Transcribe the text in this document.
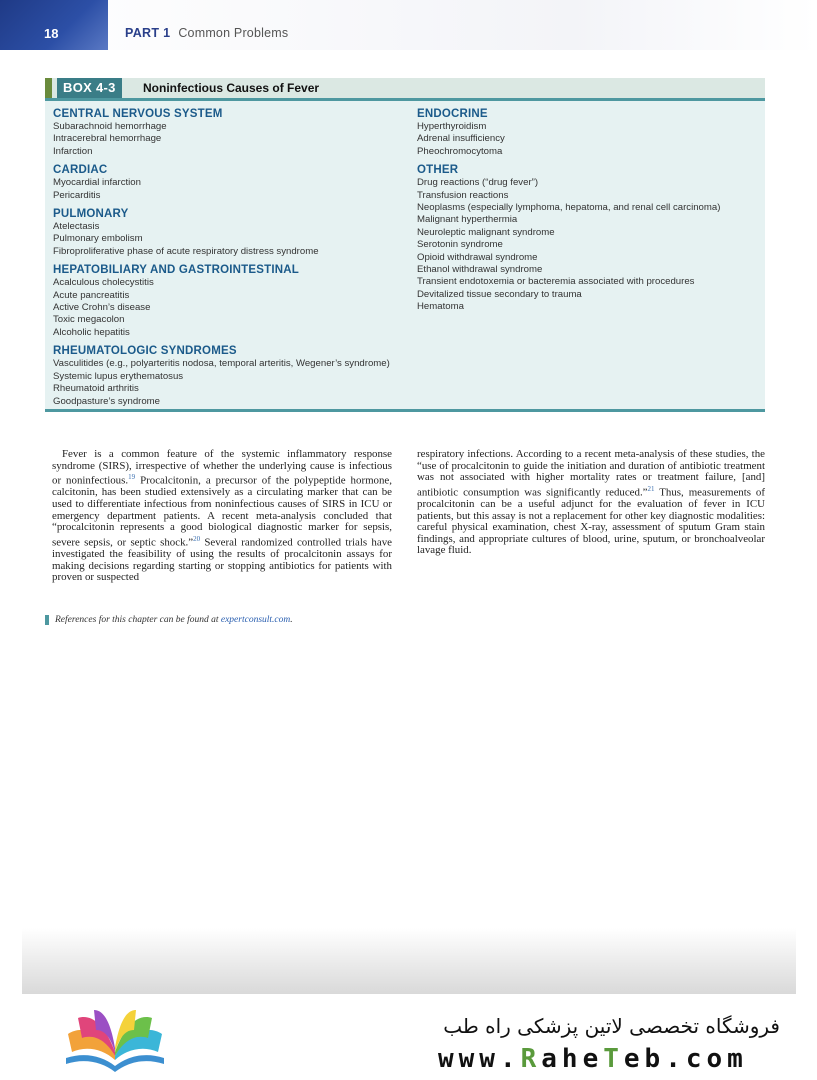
18	PART 1 Common Problems
BOX 4-3	Noninfectious Causes of Fever
CENTRAL NERVOUS SYSTEM
Subarachnoid hemorrhage
Intracerebral hemorrhage
Infarction
CARDIAC
Myocardial infarction
Pericarditis
PULMONARY
Atelectasis
Pulmonary embolism
Fibroproliferative phase of acute respiratory distress syndrome
HEPATOBILIARY AND GASTROINTESTINAL
Acalculous cholecystitis
Acute pancreatitis
Active Crohn’s disease
Toxic megacolon
Alcoholic hepatitis
RHEUMATOLOGIC SYNDROMES
Vasculitides (e.g., polyarteritis nodosa, temporal arteritis, Wegener’s syndrome)
Systemic lupus erythematosus
Rheumatoid arthritis
Goodpasture’s syndrome
ENDOCRINE
Hyperthyroidism
Adrenal insufficiency
Pheochromocytoma
OTHER
Drug reactions (“drug fever”)
Transfusion reactions
Neoplasms (especially lymphoma, hepatoma, and renal cell carcinoma)
Malignant hyperthermia
Neuroleptic malignant syndrome
Serotonin syndrome
Opioid withdrawal syndrome
Ethanol withdrawal syndrome
Transient endotoxemia or bacteremia associated with procedures
Devitalized tissue secondary to trauma
Hematoma
Fever is a common feature of the systemic inflammatory response syndrome (SIRS), irrespective of whether the underlying cause is infectious or noninfectious.$^{19}$ Procalcitonin, a precursor of the polypeptide hormone, calcitonin, has been studied extensively as a circulating marker that can be used to differentiate infectious from noninfectious causes of SIRS in ICU or emergency department patients. A recent meta-analysis concluded that “procalcitonin represents a good biological diagnostic marker for sepsis, severe sepsis, or septic shock.”$^{20}$ Several randomized controlled trials have investigated the feasibility of using the results of procalcitonin assays for making decisions regarding starting or stopping antibiotics for patients with proven or suspected
respiratory infections. According to a recent meta-analysis of these studies, the “use of procalcitonin to guide the initiation and duration of antibiotic treatment was not associated with higher mortality rates or treatment failure, [and] antibiotic consumption was significantly reduced.”$^{21}$ Thus, measurements of procalcitonin can be a useful adjunct for the evaluation of fever in ICU patients, but this assay is not a replacement for other key diagnostic modalities: careful physical examination, chest X-ray, assessment of sputum Gram stain findings, and appropriate cultures of blood, urine, sputum, or bronchoalveolar lavage fluid.
References for this chapter can be found at expertconsult.com.
فروشگاه تخصصی لاتین پزشکی راه طب
www.RaheTeb.com
